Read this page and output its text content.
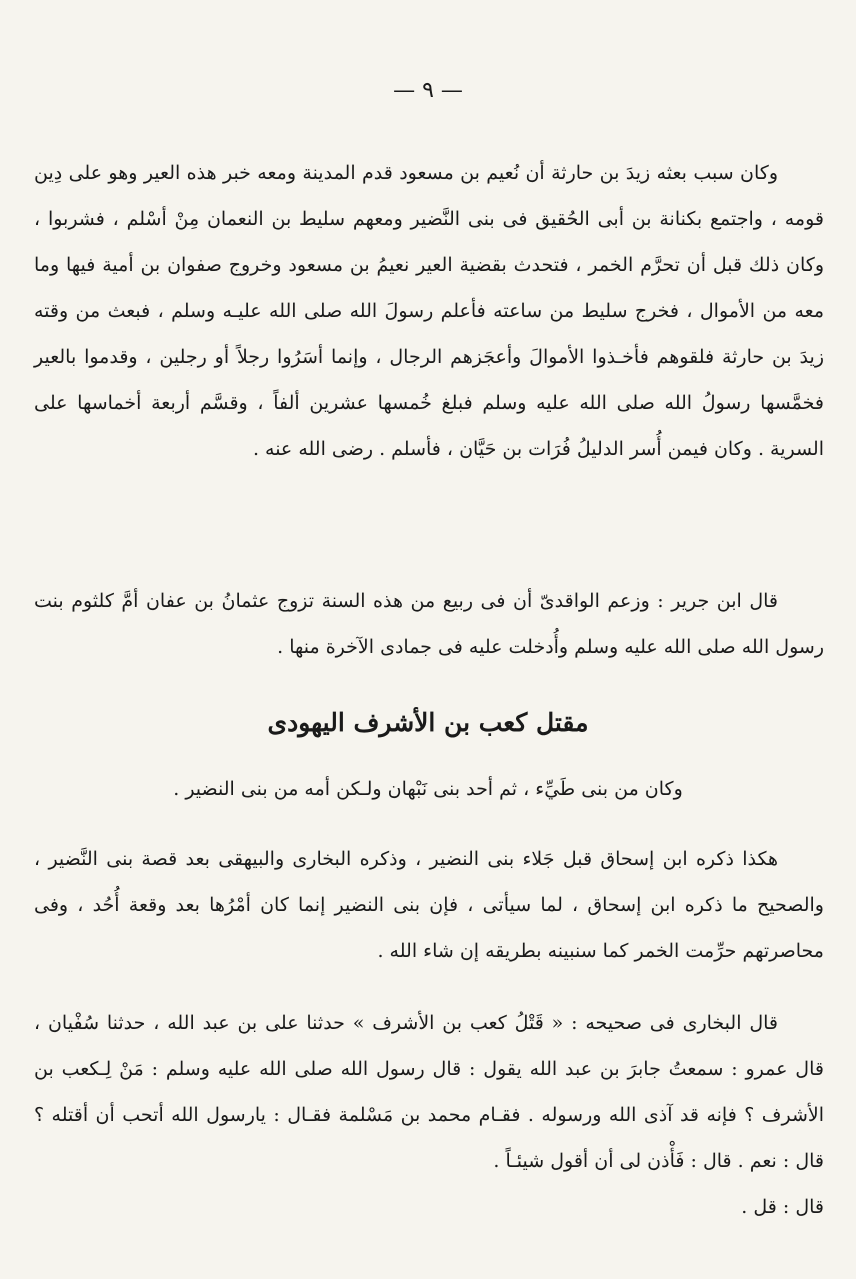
— ٩ —

وكان سبب بعثه زيدَ بن حارثة أن نُعيم بن مسعود قدم المدينة ومعه خبر هذه العير وهو على دِين قومه ، واجتمع بكنانة بن أبى الحُقيق فى بنى النَّضير ومعهم سليط بن النعمان مِنْ أسْلم ، فشربوا ، وكان ذلك قبل أن تحرَّم الخمر ، فتحدث بقضية العير نعيمُ بن مسعود وخروج صفوان بن أمية فيها وما معه من الأموال ، فخرج سليط من ساعته فأعلم رسولَ الله صلى الله عليـه وسلم ، فبعث من وقته زيدَ بن حارثة فلقوهم فأخـذوا الأموالَ وأعجَزهم الرجال ، وإنما أسَرُوا رجلاً أو رجلين ، وقدموا بالعير فخمَّسها رسولُ الله صلى الله عليه وسلم فبلغ خُمسها عشرين ألفاً ، وقسَّم أربعة أخماسها على السرية . وكان فيمن أُسر الدليلُ فُرَات بن حَيَّان ، فأسلم . رضى الله عنه .

قال ابن جرير : وزعم الواقدىّ أن فى ربيع من هذه السنة تزوج عثمانُ بن عفان أمَّ كلثوم بنت رسول الله صلى الله عليه وسلم وأُدخلت عليه فى جمادى الآخرة منها .

مقتل كعب بن الأشرف اليهودى
وكان من بنى طَيِّء ، ثم أحد بنى نَبْهان ولـكن أمه من بنى النضير .

هكذا ذكره ابن إسحاق قبل جَلاء بنى النضير ، وذكره البخارى والبيهقى بعد قصة بنى النَّضير ، والصحيح ما ذكره ابن إسحاق ، لما سيأتى ، فإن بنى النضير إنما كان أمْرُها بعد وقعة أُحُد ، وفى محاصرتهم حرِّمت الخمر كما سنبينه بطريقه إن شاء الله .

قال البخارى فى صحيحه : « قَتْلُ كعب بن الأشرف » حدثنا على بن عبد الله ، حدثنا سُفْيان ، قال عمرو : سمعتُ جابرَ بن عبد الله يقول : قال رسول الله صلى الله عليه وسلم : مَنْ لِـكعب بن الأشرف ؟ فإنه قد آذى الله ورسوله . فقـام محمد بن مَسْلمة فقـال : يارسول الله أتحب أن أقتله ؟ قال : نعم . قال : فَأْذن لى أن أقول شيئـاً .

قال : قل .
